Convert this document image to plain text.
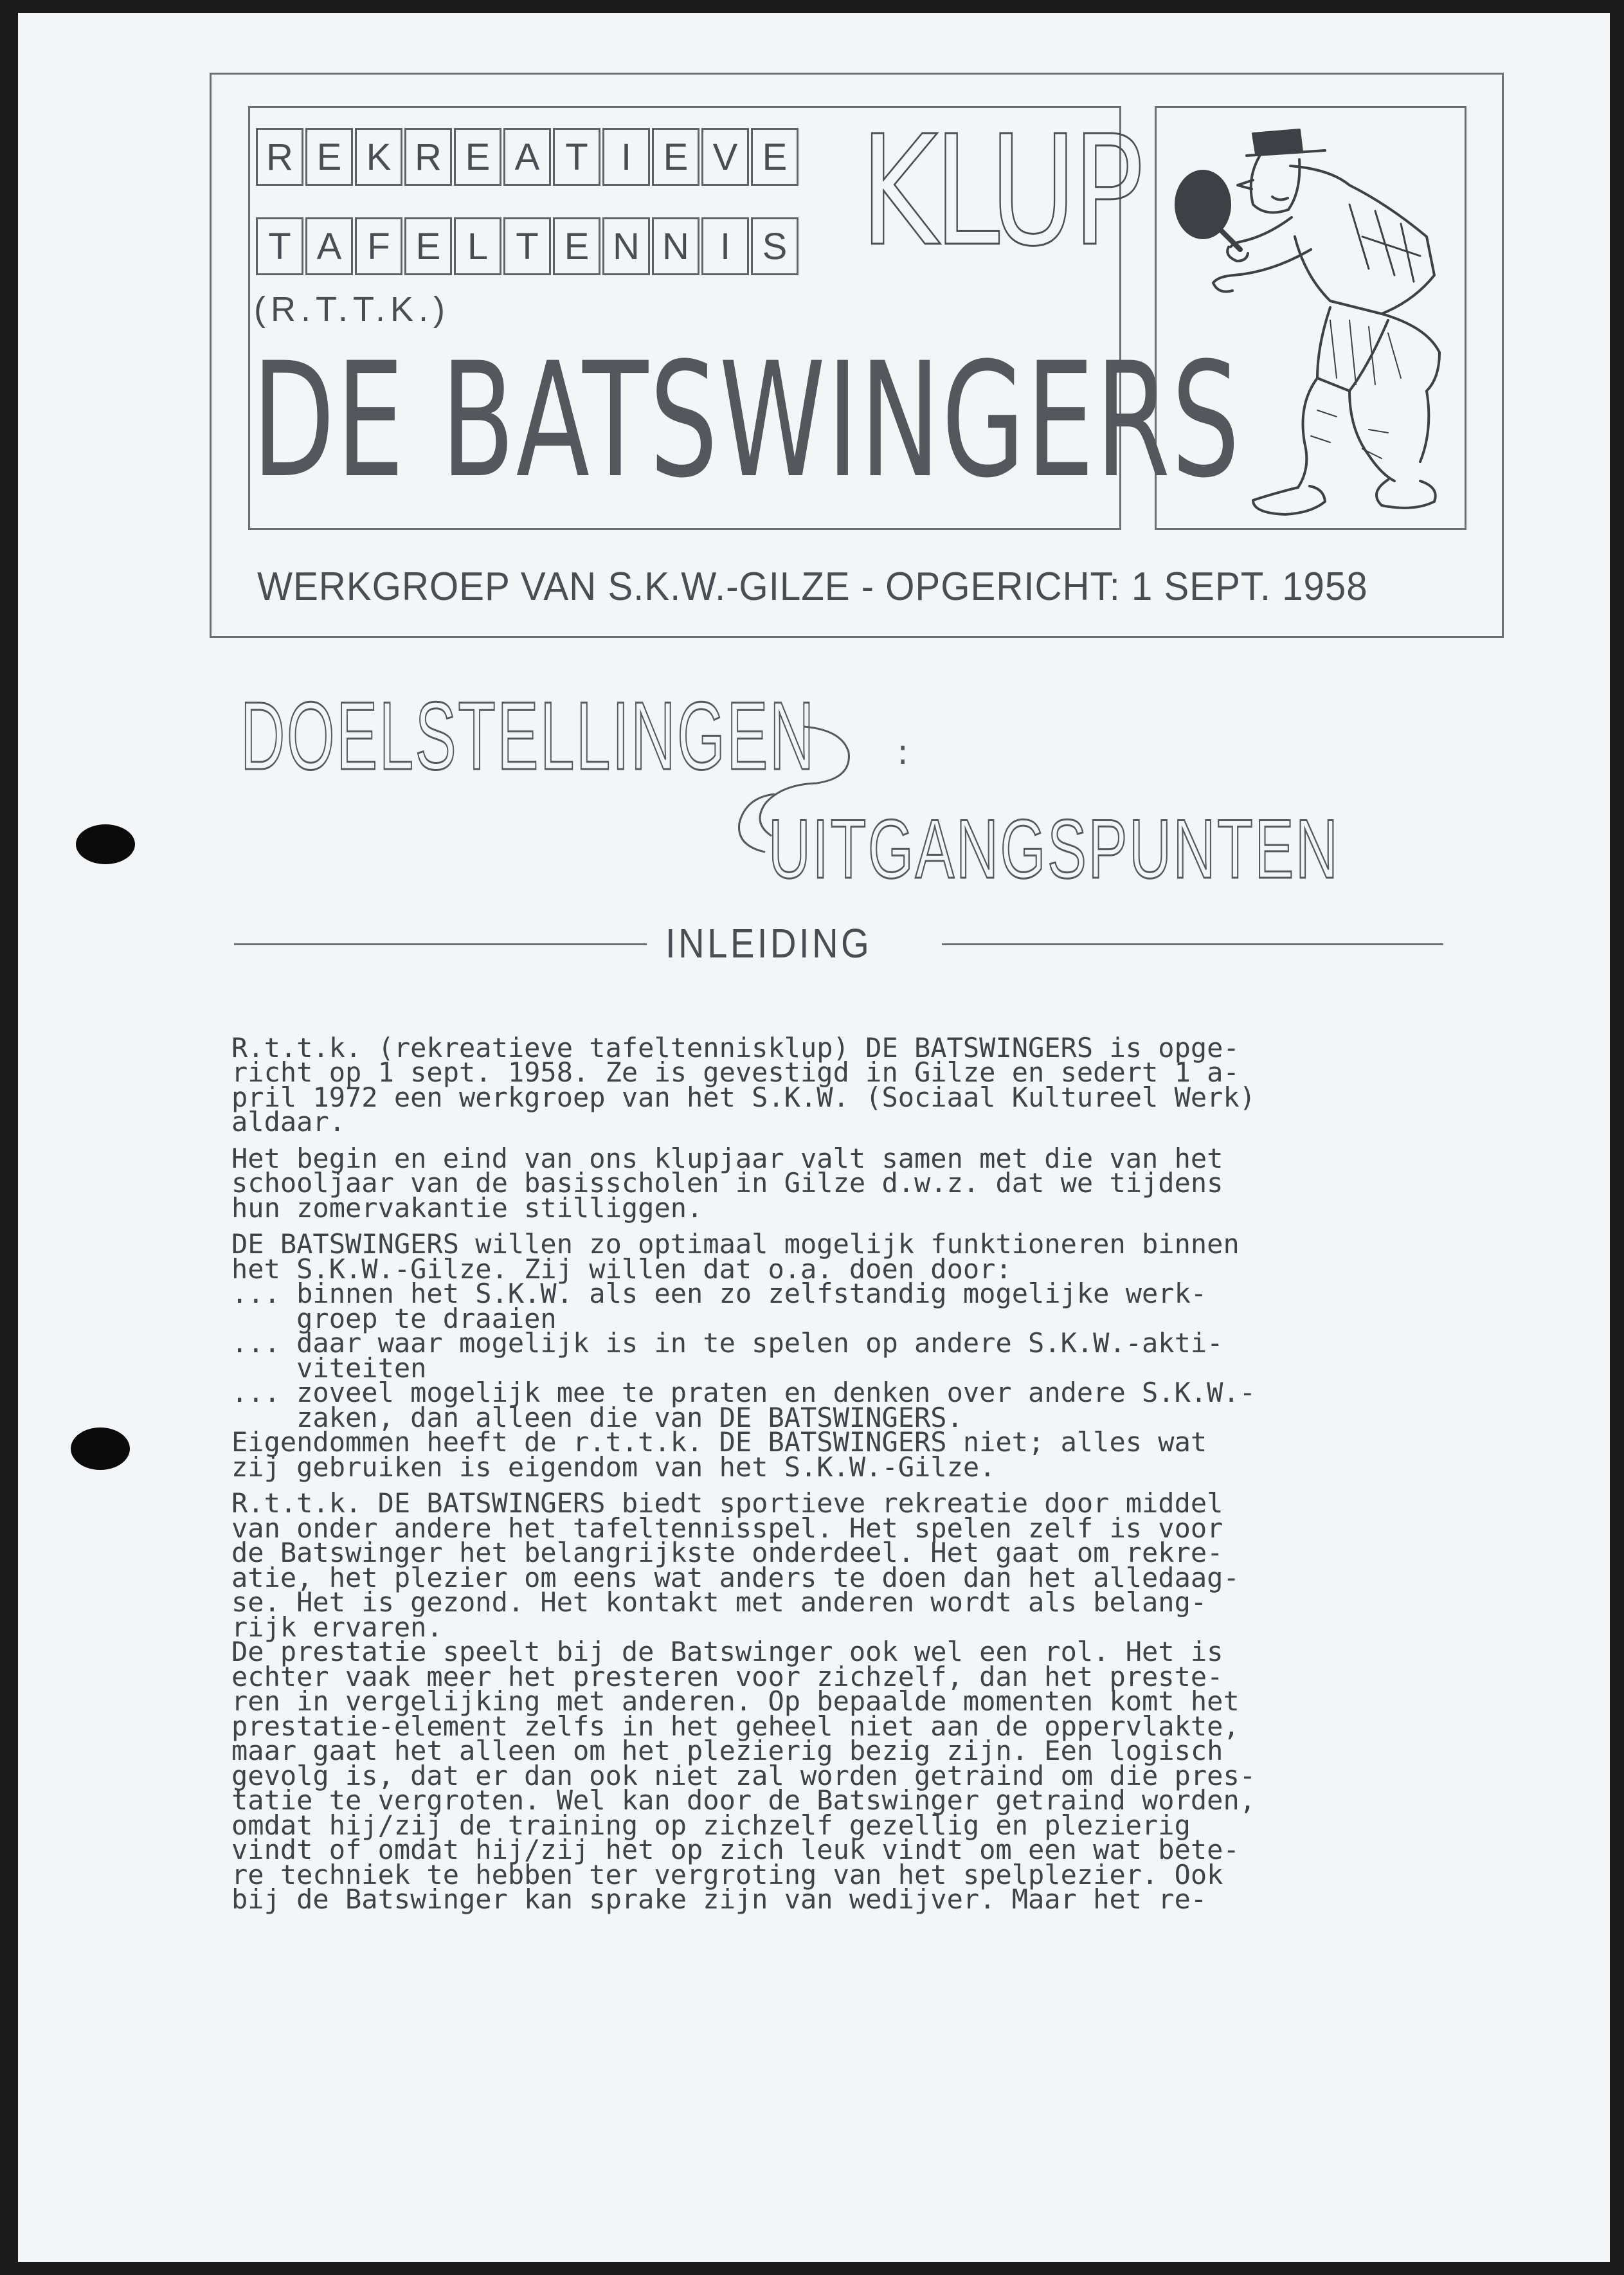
R E K R E A T I E V E
T A F E L T E N N I S KLUP
(R.T.T.K.)
DE BATSWINGERS
WERKGROEP VAN S.K.W.-GILZE - OPGERICHT: 1 SEPT. 1958
DOELSTELLINGEN :
UITGANGSPUNTEN
INLEIDING

R.t.t.k. (rekreatieve tafeltennisklup) DE BATSWINGERS is opge-
richt op 1 sept. 1958. Ze is gevestigd in Gilze en sedert 1 a-
pril 1972 een werkgroep van het S.K.W. (Sociaal Kultureel Werk)
aldaar.
Het begin en eind van ons klupjaar valt samen met die van het
schooljaar van de basisscholen in Gilze d.w.z. dat we tijdens
hun zomervakantie stilliggen.
DE BATSWINGERS willen zo optimaal mogelijk funktioneren binnen
het S.K.W.-Gilze. Zij willen dat o.a. doen door:
... binnen het S.K.W. als een zo zelfstandig mogelijke werk-
groep te draaien
... daar waar mogelijk is in te spelen op andere S.K.W.-akti-
viteiten
... zoveel mogelijk mee te praten en denken over andere S.K.W.-
zaken, dan alleen die van DE BATSWINGERS.
Eigendommen heeft de r.t.t.k. DE BATSWINGERS niet; alles wat
zij gebruiken is eigendom van het S.K.W.-Gilze.
R.t.t.k. DE BATSWINGERS biedt sportieve rekreatie door middel
van onder andere het tafeltennisspel. Het spelen zelf is voor
de Batswinger het belangrijkste onderdeel. Het gaat om rekre-
atie, het plezier om eens wat anders te doen dan het alledaag-
se. Het is gezond. Het kontakt met anderen wordt als belang-
rijk ervaren.
De prestatie speelt bij de Batswinger ook wel een rol. Het is
echter vaak meer het presteren voor zichzelf, dan het preste-
ren in vergelijking met anderen. Op bepaalde momenten komt het
prestatie-element zelfs in het geheel niet aan de oppervlakte,
maar gaat het alleen om het plezierig bezig zijn. Een logisch
gevolg is, dat er dan ook niet zal worden getraind om die pres-
tatie te vergroten. Wel kan door de Batswinger getraind worden,
omdat hij/zij de training op zichzelf gezellig en plezierig
vindt of omdat hij/zij het op zich leuk vindt om een wat bete-
re techniek te hebben ter vergroting van het spelplezier. Ook
bij de Batswinger kan sprake zijn van wedijver. Maar het re-
